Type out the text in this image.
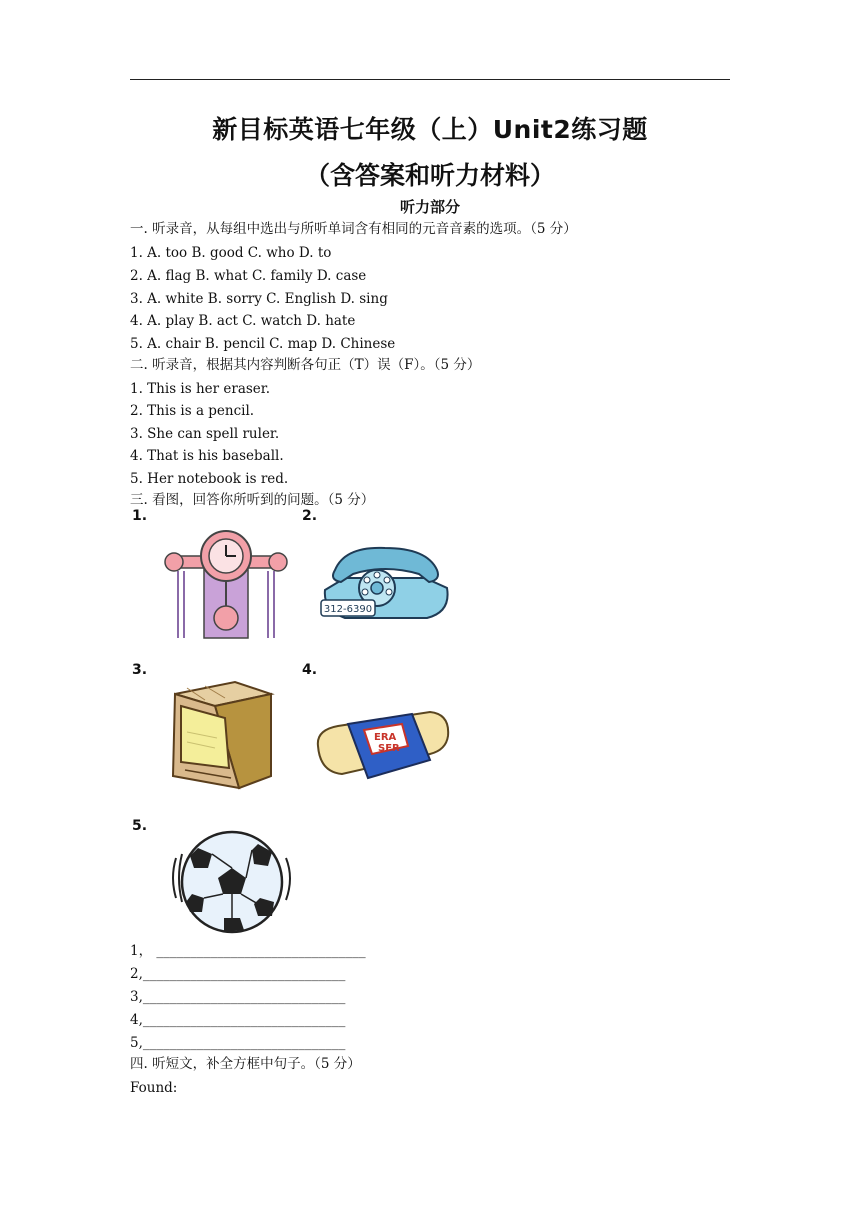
新目标英语七年级（上）Unit2练习题
（含答案和听力材料）
听力部分
一. 听录音，从每组中选出与所听单词含有相同的元音音素的选项。（5 分）
1. A. too B. good C. who D. to
2. A. flag B. what C. family D. case
3. A. white B. sorry C. English D. sing
4. A. play B. act C. watch D. hate
5. A. chair B. pencil C. map D. Chinese
二. 听录音，根据其内容判断各句正（T）误（F）。（5 分）
1. This is her eraser.
2. This is a pencil.
3. She can spell ruler.
4. That is his baseball.
5. Her notebook is red.
三. 看图，回答你所听到的问题。（5 分）
1.	2.
3.	4.
5.
312-6390
ERA
SER
1， _______________________________
2,______________________________
3,______________________________
4,______________________________
5,______________________________
四. 听短文，补全方框中句子。（5 分）
Found:
